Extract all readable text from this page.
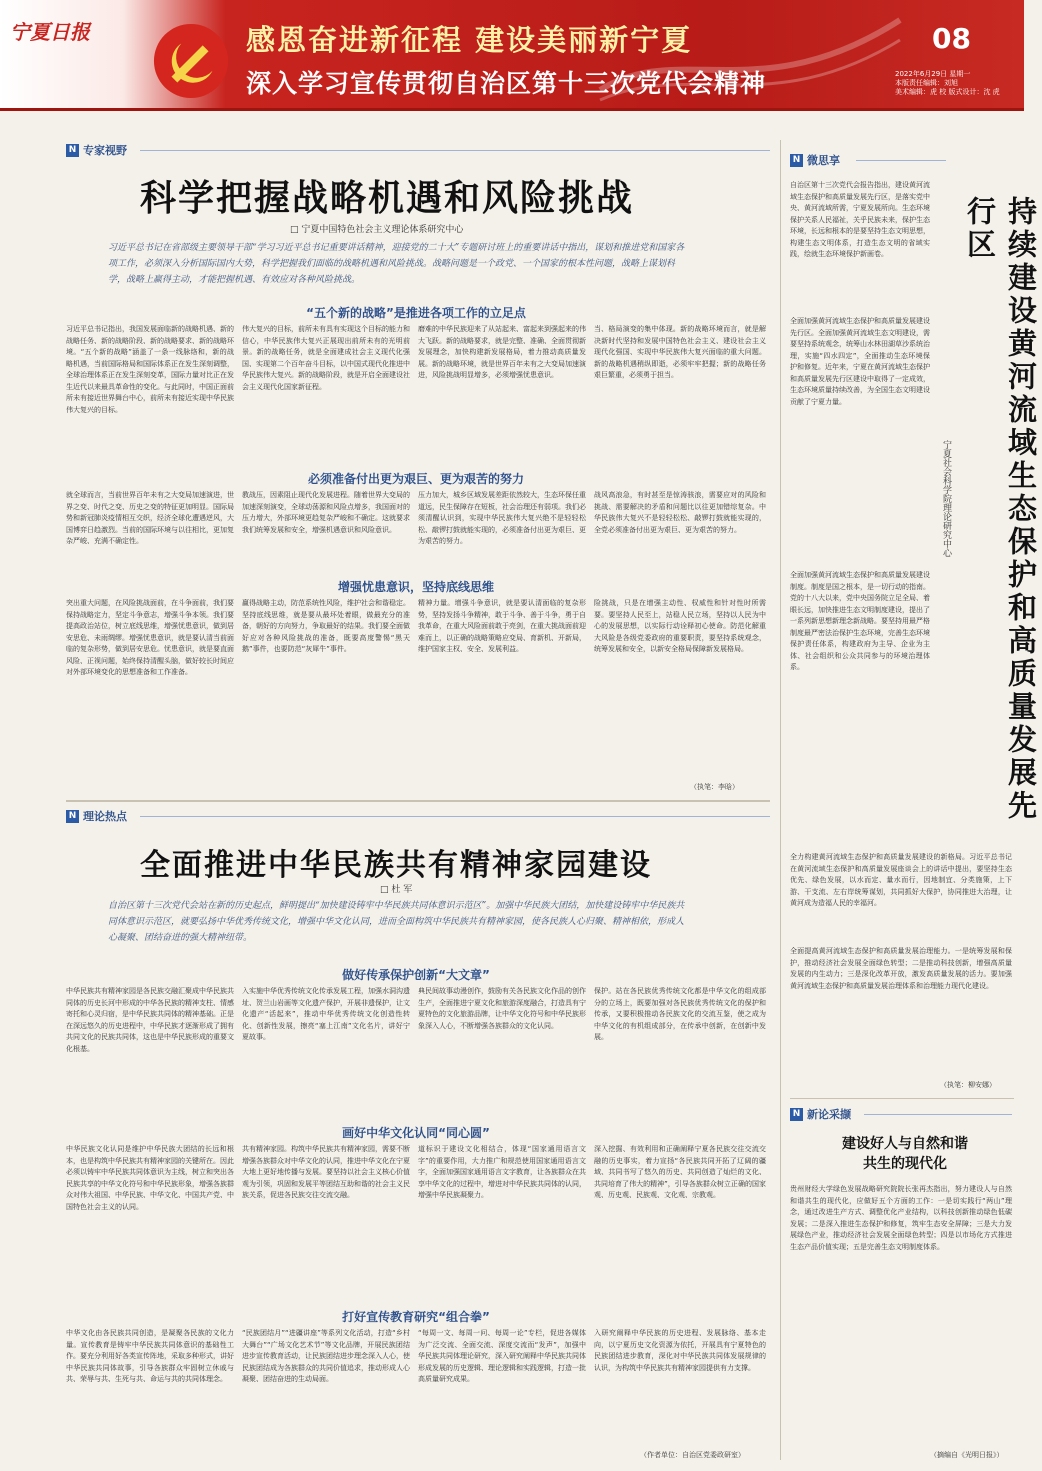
宁夏日报	感恩奋进新征程 建设美丽新宁夏
深入学习宣传贯彻自治区第十三次党代会精神
08
2022年6月29日 星期一
本版责任编辑：刘旭
美术编辑：虎 校 版式设计：沈 虎
N 专家视野
科学把握战略机遇和风险挑战
□ 宁夏中国特色社会主义理论体系研究中心
习近平总书记在省部级主要领导干部“学习习近平总书记重要讲话精神，迎接党的二十大”专题研讨班上的重要讲话中指出，谋划和推进党和国家各项工作，必须深入分析国际国内大势，科学把握我们面临的战略机遇和风险挑战。战略问题是一个政党、一个国家的根本性问题，战略上谋划科学，战略上赢得主动，才能把握机遇、有效应对各种风险挑战。
“五个新的战略”是推进各项工作的立足点
习近平总书记指出，我国发展面临新的战略机遇、新的战略任务、新的战略阶段、新的战略要求、新的战略环境。“五个新的战略”涵盖了一条一线脉络和，新的战略机遇，当前国际格局和国际体系正在发生深刻调整，全球治理体系正在发生深刻变革，国际力量对比正在发生近代以来最具革命性的变化。与此同时，中国正面前所未有接近世界舞台中心，前所未有接近实现中华民族伟大复兴的目标。
伟大复兴的目标，前所未有具有实现这个目标的能力和信心，中华民族伟大复兴正展现出前所未有的光明前景。新的战略任务，就是全面建成社会主义现代化强国、实现第二个百年奋斗目标，以中国式现代化推进中华民族伟大复兴。新的战略阶段，就是开启全面建设社会主义现代化国家新征程。
磨难的中华民族迎来了从站起来、富起来到强起来的伟大飞跃。新的战略要求，就是完整、准确、全面贯彻新发展理念，加快构建新发展格局，着力推动高质量发展。新的战略环境，就是世界百年未有之大变局加速演进，风险挑战明显增多，必须增强忧患意识。
当、格局演变的集中体现。新的战略环境而言，就是解决新时代坚持和发展中国特色社会主义、建设社会主义现代化强国、实现中华民族伟大复兴面临的重大问题。新的战略机遇稍纵即逝，必须牢牢把握；新的战略任务艰巨繁重，必须勇于担当。
必须准备付出更为艰巨、更为艰苦的努力
就全球而言，当前世界百年未有之大变局加速演进，世界之变、时代之变、历史之变的特征更加明显。国际局势和新冠肺炎疫情相互交织，经济全球化遭遇逆风，大国博弈日趋激烈。当前的国际环境与以往相比，更加复杂严峻、充满不确定性。
教战压，因素阻止现代化发展进程。随着世界大变局的加速深刻演变，全球动荡源和风险点增多，我国面对的压力增大，外部环境更趋复杂严峻和不确定。这就要求我们统筹发展和安全，增强机遇意识和风险意识。
压力加大，城乡区域发展差距依然较大，生态环保任重道远，民生保障存在短板，社会治理还有弱项。我们必须清醒认识到，实现中华民族伟大复兴绝不是轻轻松松、敲锣打鼓就能实现的，必须准备付出更为艰巨、更为艰苦的努力。
战风高浪急，有时甚至是惊涛骇浪，需要应对的风险和挑战、需要解决的矛盾和问题比以往更加错综复杂。中华民族伟大复兴不是轻轻松松、敲锣打鼓就能实现的，全党必须准备付出更为艰巨、更为艰苦的努力。
增强忧患意识，坚持底线思维
突出重大问题，在风险挑战面前，在斗争面前，我们要保持战略定力，坚定斗争意志，增强斗争本领。我们要提高政治站位，树立底线思维，增强忧患意识，做到居安思危、未雨绸缪。增强忧患意识，就是要认清当前面临的复杂形势，做到居安思危。忧患意识，就是要直面风险、正视问题，始终保持清醒头脑，做好较长时间应对外部环境变化的思想准备和工作准备。
赢得战略主动，防范系统性风险，维护社会和谐稳定。坚持底线思维，就是要从最坏处着眼，做最充分的准备，朝好的方向努力，争取最好的结果。我们要全面做好应对各种风险挑战的准备，既要高度警惕“黑天鹅”事件，也要防范“灰犀牛”事件。
精神力量。增强斗争意识，就是要认清面临的复杂形势，坚持发扬斗争精神，敢于斗争、善于斗争，勇于自我革命，在重大风险面前敢于亮剑，在重大挑战面前迎难而上，以正确的战略策略应变局、育新机、开新局，维护国家主权、安全、发展利益。
险挑战，只是在增强主动性、权威性和针对性时所需要。要坚持人民至上，站稳人民立场，坚持以人民为中心的发展思想，以实际行动诠释初心使命。防范化解重大风险是各级党委政府的重要职责，要坚持系统观念，统筹发展和安全，以新安全格局保障新发展格局。
（执笔：李晗）
N 理论热点
全面推进中华民族共有精神家园建设
□ 杜 军
自治区第十三次党代会站在新的历史起点，鲜明提出“加快建设铸牢中华民族共同体意识示范区”。加强中华民族大团结，加快建设铸牢中华民族共同体意识示范区，就要弘扬中华优秀传统文化，增强中华文化认同，进而全面构筑中华民族共有精神家园，使各民族人心归聚、精神相依，形成人心凝聚、团结奋进的强大精神纽带。
做好传承保护创新“大文章”
中华民族共有精神家园是各民族交融汇聚成中华民族共同体的历史长河中形成的中华各民族的精神支柱、情感寄托和心灵归宿，是中华民族共同体的精神基础。正是在深远悠久的历史进程中，中华民族才逐渐形成了拥有共同文化的民族共同体，这也是中华民族形成的重要文化根基。
入实施中华优秀传统文化传承发展工程，加强水洞沟遗址、贺兰山岩画等文化遗产保护，开展非遗保护，让文化遗产“活起来”，推动中华优秀传统文化创造性转化、创新性发展，擦亮“塞上江南”文化名片，讲好宁夏故事。
典民间故事动漫创作，鼓励有关各民族文化作品的创作生产，全面推进宁夏文化和旅游深度融合，打造具有宁夏特色的文化旅游品牌，让中华文化符号和中华民族形象深入人心，不断增强各族群众的文化认同。
保护。站在各民族优秀传统文化都是中华文化的组成部分的立场上，既要加强对各民族优秀传统文化的保护和传承，又要积极推动各民族文化的交流互鉴，使之成为中华文化的有机组成部分，在传承中创新，在创新中发展。
画好中华文化认同“同心圆”
中华民族文化认同是维护中华民族大团结的长远和根本，也是构筑中华民族共有精神家园的关键所在。因此必须以铸牢中华民族共同体意识为主线，树立和突出各民族共享的中华文化符号和中华民族形象，增强各族群众对伟大祖国、中华民族、中华文化、中国共产党、中国特色社会主义的认同。
共有精神家园。构筑中华民族共有精神家园，需要不断增强各族群众对中华文化的认同，推进中华文化在宁夏大地上更好地传播与发展。要坚持以社会主义核心价值观为引领，巩固和发展平等团结互助和谐的社会主义民族关系，促进各民族交往交流交融。
道标识于建设文化相结合，体现“国家通用语言文字”的重要作用，大力推广和规范使用国家通用语言文字，全面加强国家通用语言文字教育，让各族群众在共享中华文化的过程中，增进对中华民族共同体的认同，增强中华民族凝聚力。
深入挖掘、有效利用和正确阐释宁夏各民族交往交流交融的历史事实，着力宣扬“各民族共同开拓了辽阔的疆域、共同书写了悠久的历史、共同创造了灿烂的文化、共同培育了伟大的精神”，引导各族群众树立正确的国家观、历史观、民族观、文化观、宗教观。
打好宣传教育研究“组合拳”
中华文化由各民族共同创造，是凝聚各民族的文化力量。宣传教育是铸牢中华民族共同体意识的基础性工作。要充分利用好各类宣传阵地，采取多种形式，讲好中华民族共同体故事，引导各族群众牢固树立休戚与共、荣辱与共、生死与共、命运与共的共同体理念。
“民族团结月”“进疆讲座”等系列文化活动，打造“乡村大舞台”“广场文化艺术节”等文化品牌，开展民族团结进步宣传教育活动，让民族团结进步理念深入人心，使民族团结成为各族群众的共同价值追求，推动形成人心凝聚、团结奋进的生动局面。
“每周一文、每周一问、每周一论”专栏，促进各媒体为广泛交流、全面交流、深度交流而“发声”，加强中华民族共同体理论研究，深入研究阐释中华民族共同体形成发展的历史逻辑、理论逻辑和实践逻辑，打造一批高质量研究成果。
入研究阐释中华民族的历史进程、发展脉络、基本走向，以宁夏历史文化资源为依托，开展具有宁夏特色的民族团结进步教育，深化对中华民族共同体发展规律的认识，为构筑中华民族共有精神家园提供有力支撑。
（作者单位：自治区党委政研室）
N 微思享
持续建设黄河流域生态保护和高质量发展先行区
宁夏社会科学院理论研究中心
自治区第十三次党代会报告指出，建设黄河流域生态保护和高质量发展先行区，是落实党中央、黄河流域所需，宁夏发展所向。生态环境保护关系人民福祉，关乎民族未来，保护生态环境，长远和根本的是要坚持生态文明思想，构建生态文明体系，打造生态文明的省域实践，绘就生态环境保护新画卷。
全面加强黄河流域生态保护和高质量发展建设先行区。全面加强黄河流域生态文明建设，需要坚持系统观念，统筹山水林田湖草沙系统治理，实施“四水四定”，全面推动生态环境保护和修复。近年来，宁夏在黄河流域生态保护和高质量发展先行区建设中取得了一定成效，生态环境质量持续改善，为全国生态文明建设贡献了宁夏力量。
全面加强黄河流域生态保护和高质量发展建设制度。制度是国之根本，是一切行动的指南。党的十八大以来，党中央国务院立足全局、着眼长远，加快推进生态文明制度建设，提出了一系列新思想新理念新战略。要坚持用最严格制度最严密法治保护生态环境，完善生态环境保护责任体系，构建政府为主导、企业为主体、社会组织和公众共同参与的环境治理体系。
全力构建黄河流域生态保护和高质量发展建设的新格局。习近平总书记在黄河流域生态保护和高质量发展座谈会上的讲话中提出，要坚持生态优先、绿色发展，以水而定、量水而行，因地制宜、分类施策，上下游、干支流、左右岸统筹谋划，共同抓好大保护，协同推进大治理，让黄河成为造福人民的幸福河。
全面提高黄河流域生态保护和高质量发展治理能力。一是统筹发展和保护，推动经济社会发展全面绿色转型；二是推动科技创新，增强高质量发展的内生动力；三是深化改革开放，激发高质量发展的活力。要加强黄河流域生态保护和高质量发展治理体系和治理能力现代化建设。
（执笔：柳安娜）
N 新论采撷
建设好人与自然和谐共生的现代化
贵州财经大学绿色发展战略研究院院长张再杰指出，努力建设人与自然和谐共生的现代化，应做好五个方面的工作：一是切实践行“两山”理念，通过改进生产方式、调整优化产业结构，以科技创新推动绿色低碳发展；二是深入推进生态保护和修复，筑牢生态安全屏障；三是大力发展绿色产业，推动经济社会发展全面绿色转型；四是以市场化方式推进生态产品价值实现；五是完善生态文明制度体系。
（摘编自《光明日报》）
